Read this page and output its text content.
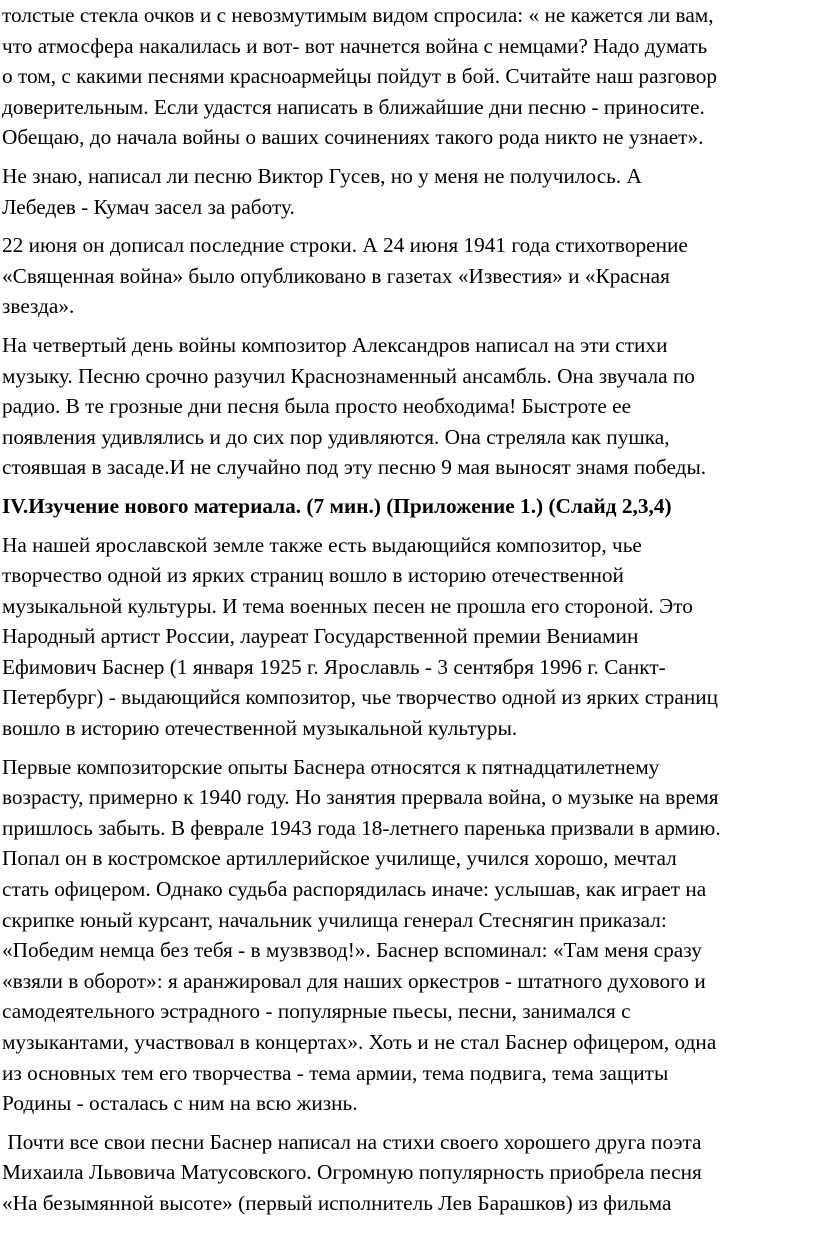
толстые стекла очков и с невозмутимым видом спросила: « не кажется ли вам,
что атмосфера накалилась и вот- вот начнется война с немцами? Надо думать
о том, с какими песнями красноармейцы пойдут в бой. Считайте наш разговор
доверительным. Если удастся написать в ближайшие дни песню - приносите.
Обещаю, до начала войны о ваших сочинениях такого рода никто не узнает».
Не знаю, написал ли песню Виктор Гусев, но у меня не получилось. А
Лебедев - Кумач засел за работу.
22 июня он дописал последние строки. А 24 июня 1941 года стихотворение
«Священная война» было опубликовано в газетах «Известия» и «Красная
звезда».
На четвертый день войны композитор Александров написал на эти стихи
музыку. Песню срочно разучил Краснознаменный ансамбль. Она звучала по
радио. В те грозные дни песня была просто необходима! Быстроте ее
появления удивлялись и до сих пор удивляются. Она стреляла как пушка,
стоявшая в засаде.И не случайно под эту песню 9 мая выносят знамя победы.
IV.Изучение нового материала. (7 мин.) (Приложение 1.) (Слайд 2,3,4)
На нашей ярославской земле также есть выдающийся композитор, чье
творчество одной из ярких страниц вошло в историю отечественной
музыкальной культуры. И тема военных песен не прошла его стороной. Это
Народный артист России, лауреат Государственной премии Вениамин
Ефимович Баснер (1 января 1925 г. Ярославль - 3 сентября 1996 г. Санкт-
Петербург) - выдающийся композитор, чье творчество одной из ярких страниц
вошло в историю отечественной музыкальной культуры.
Первые композиторские опыты Баснера относятся к пятнадцатилетнему
возрасту, примерно к 1940 году. Но занятия прервала война, о музыке на время
пришлось забыть. В феврале 1943 года 18-летнего паренька призвали в армию.
Попал он в костромское артиллерийское училище, учился хорошо, мечтал
стать офицером. Однако судьба распорядилась иначе: услышав, как играет на
скрипке юный курсант, начальник училища генерал Стеснягин приказал:
«Победим немца без тебя - в музвзвод!». Баснер вспоминал: «Там меня сразу
«взяли в оборот»: я аранжировал для наших оркестров - штатного духового и
самодеятельного эстрадного - популярные пьесы, песни, занимался с
музыкантами, участвовал в концертах». Хоть и не стал Баснер офицером, одна
из основных тем его творчества - тема армии, тема подвига, тема защиты
Родины - осталась с ним на всю жизнь.
Почти все свои песни Баснер написал на стихи своего хорошего друга поэта
Михаила Львовича Матусовского. Огромную популярность приобрела песня
«На безымянной высоте» (первый исполнитель Лев Барашков) из фильма
